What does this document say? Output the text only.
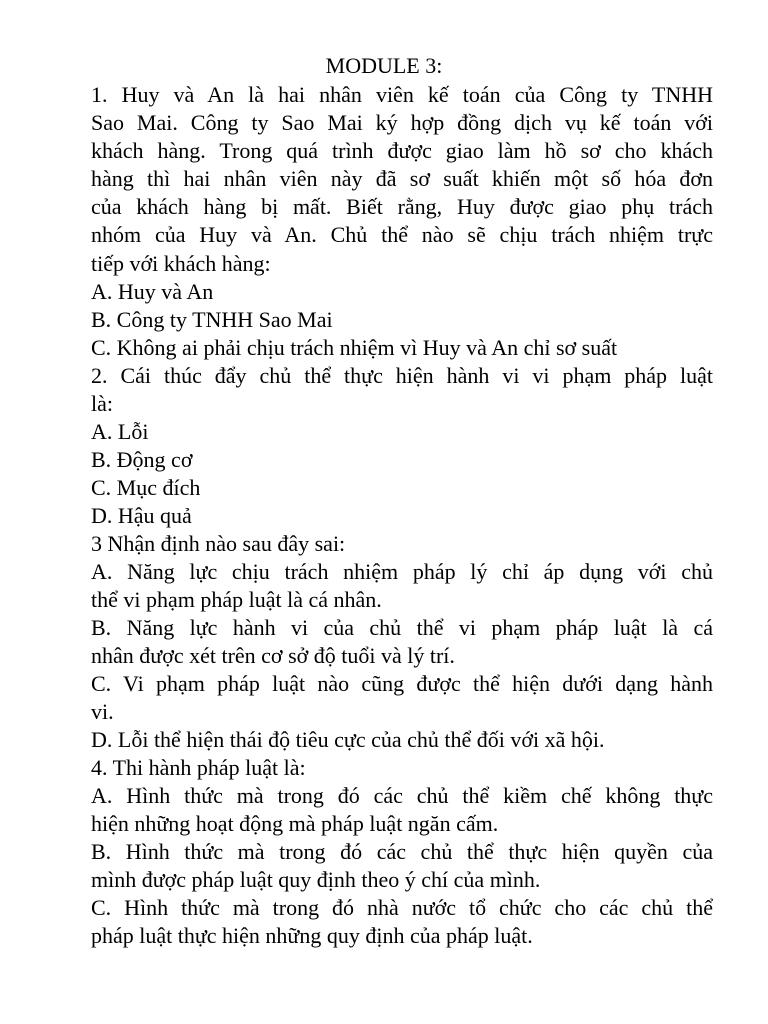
MODULE 3:
1. Huy và An là hai nhân viên kế toán của Công ty TNHH
Sao Mai. Công ty Sao Mai ký hợp đồng dịch vụ kế toán với
khách hàng. Trong quá trình được giao làm hồ sơ cho khách
hàng thì hai nhân viên này đã sơ suất khiến một số hóa đơn
của khách hàng bị mất. Biết rằng, Huy được giao phụ trách
nhóm của Huy và An. Chủ thể nào sẽ chịu trách nhiệm trực
tiếp với khách hàng:
A. Huy và An
B. Công ty TNHH Sao Mai
C. Không ai phải chịu trách nhiệm vì Huy và An chỉ sơ suất
2. Cái thúc đẩy chủ thể thực hiện hành vi vi phạm pháp luật
là:
A. Lỗi
B. Động cơ
C. Mục đích
D. Hậu quả
3 Nhận định nào sau đây sai:
A. Năng lực chịu trách nhiệm pháp lý chỉ áp dụng với chủ
thể vi phạm pháp luật là cá nhân.
B. Năng lực hành vi của chủ thể vi phạm pháp luật là cá
nhân được xét trên cơ sở độ tuổi và lý trí.
C. Vi phạm pháp luật nào cũng được thể hiện dưới dạng hành
vi.
D. Lỗi thể hiện thái độ tiêu cực của chủ thể đối với xã hội.
4. Thi hành pháp luật là:
A. Hình thức mà trong đó các chủ thể kiềm chế không thực
hiện những hoạt động mà pháp luật ngăn cấm.
B. Hình thức mà trong đó các chủ thể thực hiện quyền của
mình được pháp luật quy định theo ý chí của mình.
C. Hình thức mà trong đó nhà nước tổ chức cho các chủ thể
pháp luật thực hiện những quy định của pháp luật.
